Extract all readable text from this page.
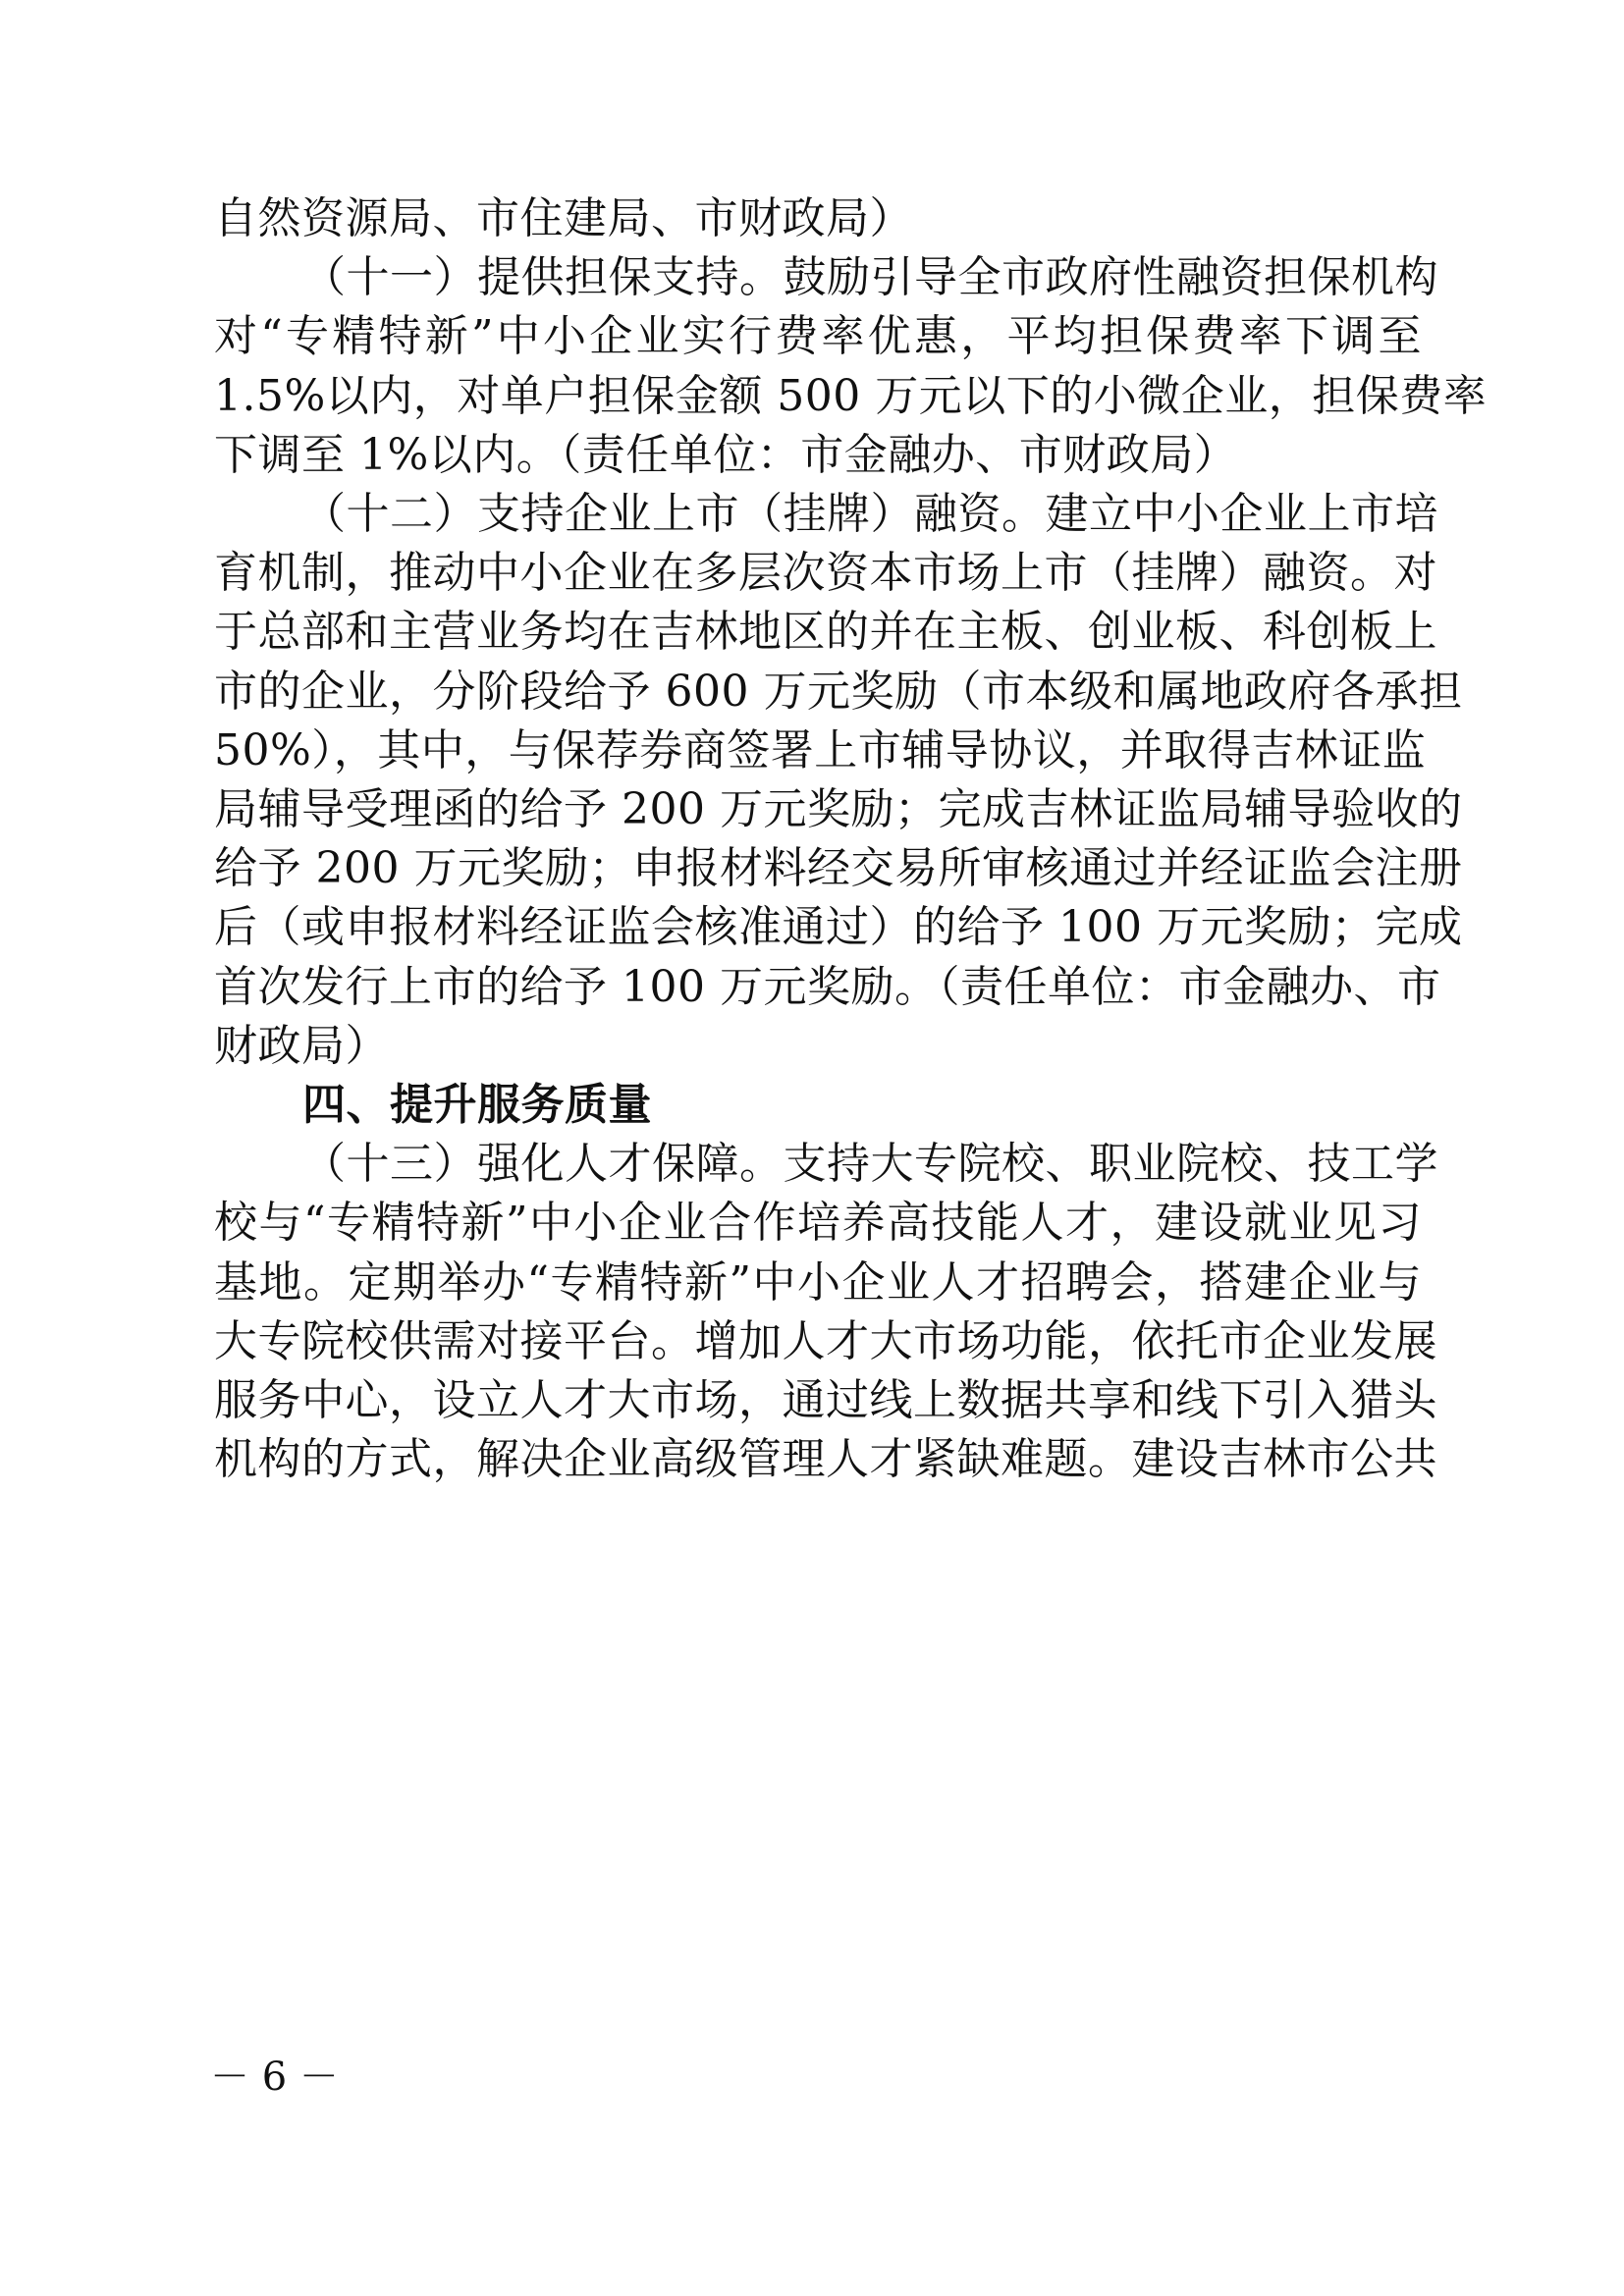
自然资源局、市住建局、市财政局）
（十一）提供担保支持。鼓励引导全市政府性融资担保机构
对“专精特新”中小企业实行费率优惠，平均担保费率下调至
1.5%以内，对单户担保金额 500 万元以下的小微企业，担保费率
下调至 1%以内。（责任单位：市金融办、市财政局）
（十二）支持企业上市（挂牌）融资。建立中小企业上市培
育机制，推动中小企业在多层次资本市场上市（挂牌）融资。对
于总部和主营业务均在吉林地区的并在主板、创业板、科创板上
市的企业，分阶段给予 600 万元奖励（市本级和属地政府各承担
50%），其中，与保荐券商签署上市辅导协议，并取得吉林证监
局辅导受理函的给予 200 万元奖励；完成吉林证监局辅导验收的
给予 200 万元奖励；申报材料经交易所审核通过并经证监会注册
后（或申报材料经证监会核准通过）的给予 100 万元奖励；完成
首次发行上市的给予 100 万元奖励。（责任单位：市金融办、市
财政局）
四、提升服务质量
（十三）强化人才保障。支持大专院校、职业院校、技工学
校与“专精特新”中小企业合作培养高技能人才，建设就业见习
基地。定期举办“专精特新”中小企业人才招聘会，搭建企业与
大专院校供需对接平台。增加人才大市场功能，依托市企业发展
服务中心，设立人才大市场，通过线上数据共享和线下引入猎头
机构的方式，解决企业高级管理人才紧缺难题。建设吉林市公共
－ 6 －
